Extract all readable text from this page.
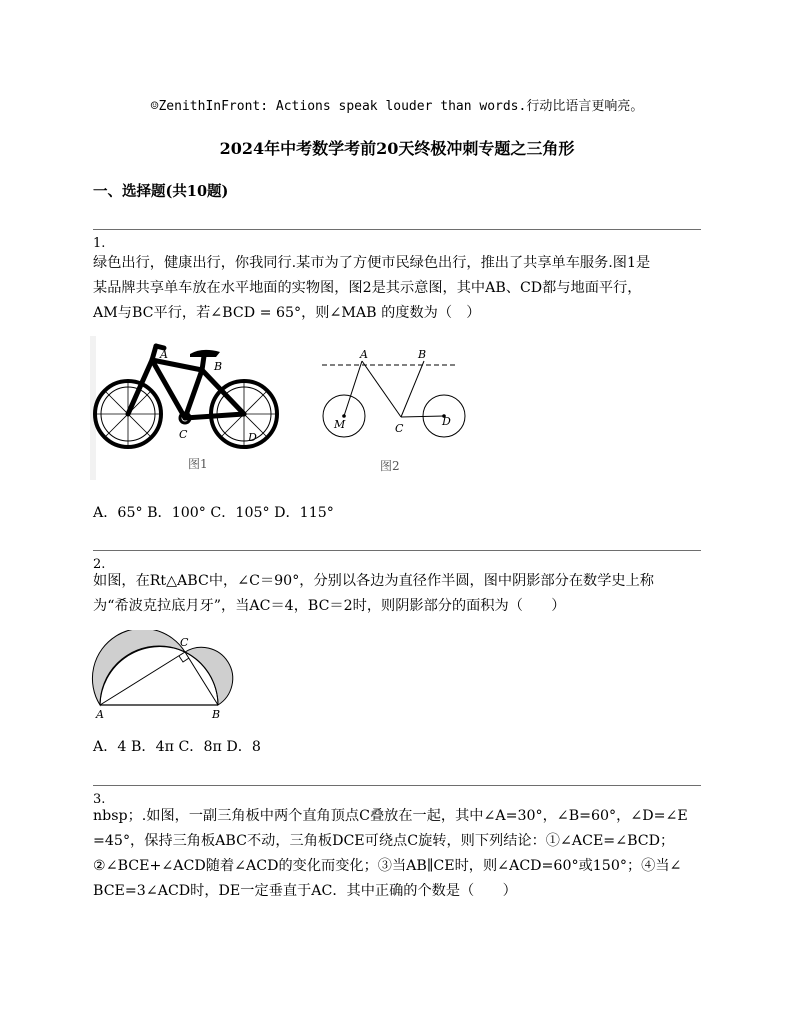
☺ZenithInFront: Actions speak louder than words.行动比语言更响亮。
2024年中考数学考前20天终极冲刺专题之三角形
一、选择题(共10题)
1.
绿色出行，健康出行，你我同行.某市为了方便市民绿色出行，推出了共享单车服务.图1是
某品牌共享单车放在水平地面的实物图，图2是其示意图，其中AB、CD都与地面平行，
AM与BC平行，若∠BCD = 65°，则∠MAB 的度数为（　）
A
B
C	D
图1
A	B
C
M	D
图2
A．65° B．100° C．105° D．115°
2.
如图，在Rt△ABC中，∠C＝90°，分别以各边为直径作半圆，图中阴影部分在数学史上称
为“希波克拉底月牙”，当AC＝4，BC＝2时，则阴影部分的面积为（　　）
A	B
C
A．4 B．4π C．8π D．8
3.
nbsp；.如图，一副三角板中两个直角顶点C叠放在一起，其中∠A=30°，∠B=60°，∠D=∠E
=45°，保持三角板ABC不动，三角板DCE可绕点C旋转，则下列结论：①∠ACE=∠BCD；
②∠BCE+∠ACD随着∠ACD的变化而变化；③当AB∥CE时，则∠ACD=60°或150°；④当∠
BCE=3∠ACD时，DE一定垂直于AC．其中正确的个数是（　　）
